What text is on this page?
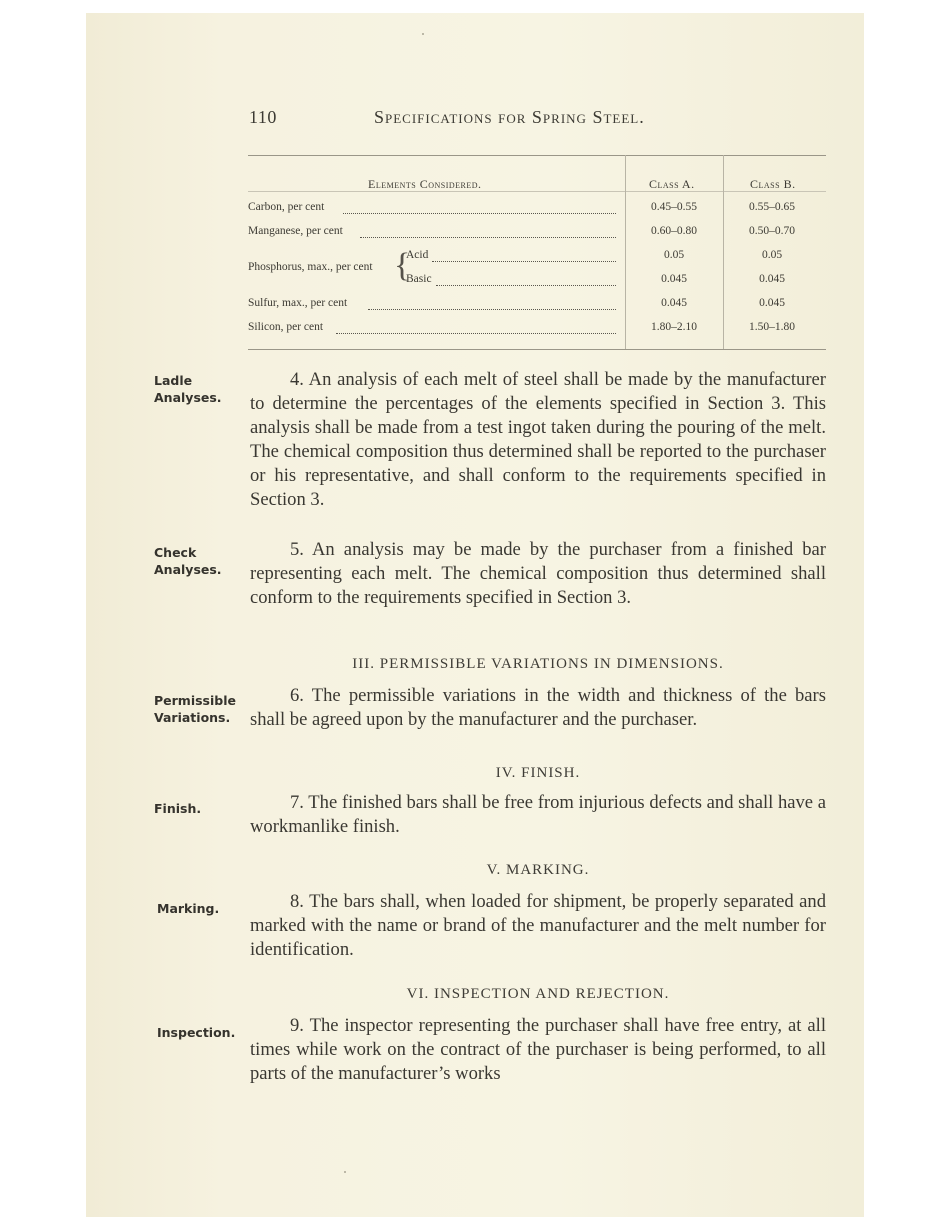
110	Specifications for Spring Steel.
Elements Considered.	Class A.	Class B.
Carbon, per cent	0.45–0.55	0.55–0.65
Manganese, per cent	0.60–0.80	0.50–0.70
Phosphorus, max., per cent {
Acid	0.05	0.05
Basic	0.045	0.045
Sulfur, max., per cent	0.045	0.045
Silicon, per cent	1.80–2.10	1.50–1.80
Ladle Analyses.
Check Analyses.
Permissible Variations.
Finish.
Marking.
Inspection.
4. An analysis of each melt of steel shall be made by the manufacturer to determine the percentages of the elements specified in Section 3. This analysis shall be made from a test ingot taken during the pouring of the melt. The chemical composition thus determined shall be reported to the purchaser or his representative, and shall conform to the requirements specified in Section 3.
5. An analysis may be made by the purchaser from a finished bar representing each melt. The chemical composition thus determined shall conform to the requirements specified in Section 3.
III. PERMISSIBLE VARIATIONS IN DIMENSIONS.
6. The permissible variations in the width and thickness of the bars shall be agreed upon by the manufacturer and the purchaser.
IV. FINISH.
7. The finished bars shall be free from injurious defects and shall have a workmanlike finish.
V. MARKING.
8. The bars shall, when loaded for shipment, be properly separated and marked with the name or brand of the manufacturer and the melt number for identification.
VI. INSPECTION AND REJECTION.
9. The inspector representing the purchaser shall have free entry, at all times while work on the contract of the purchaser is being performed, to all parts of the manufacturer’s works
